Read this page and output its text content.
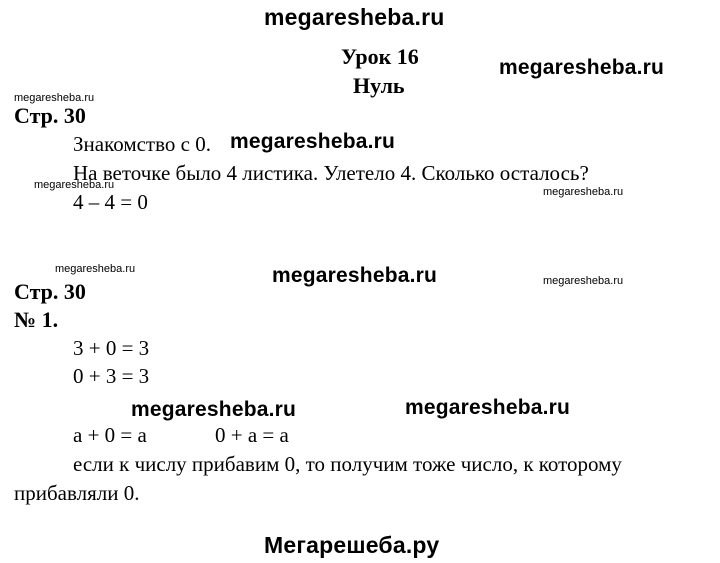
megaresheba.ru
Урок 16
Нуль
megaresheba.ru
megaresheba.ru
Стр. 30
Знакомство с 0. megaresheba.ru
На веточке было 4 листика. Улетело 4. Сколько осталось?
megaresheba.ru
megaresheba.ru
4 – 4 = 0
megaresheba.ru	megaresheba.ru	megaresheba.ru
Стр. 30
№ 1.
3 + 0 = 3
0 + 3 = 3
megaresheba.ru	megaresheba.ru
a + 0 = a	0 + a = a
если к числу прибавим 0, то получим тоже число, к которому
прибавляли 0.
Мегарешеба.ру
